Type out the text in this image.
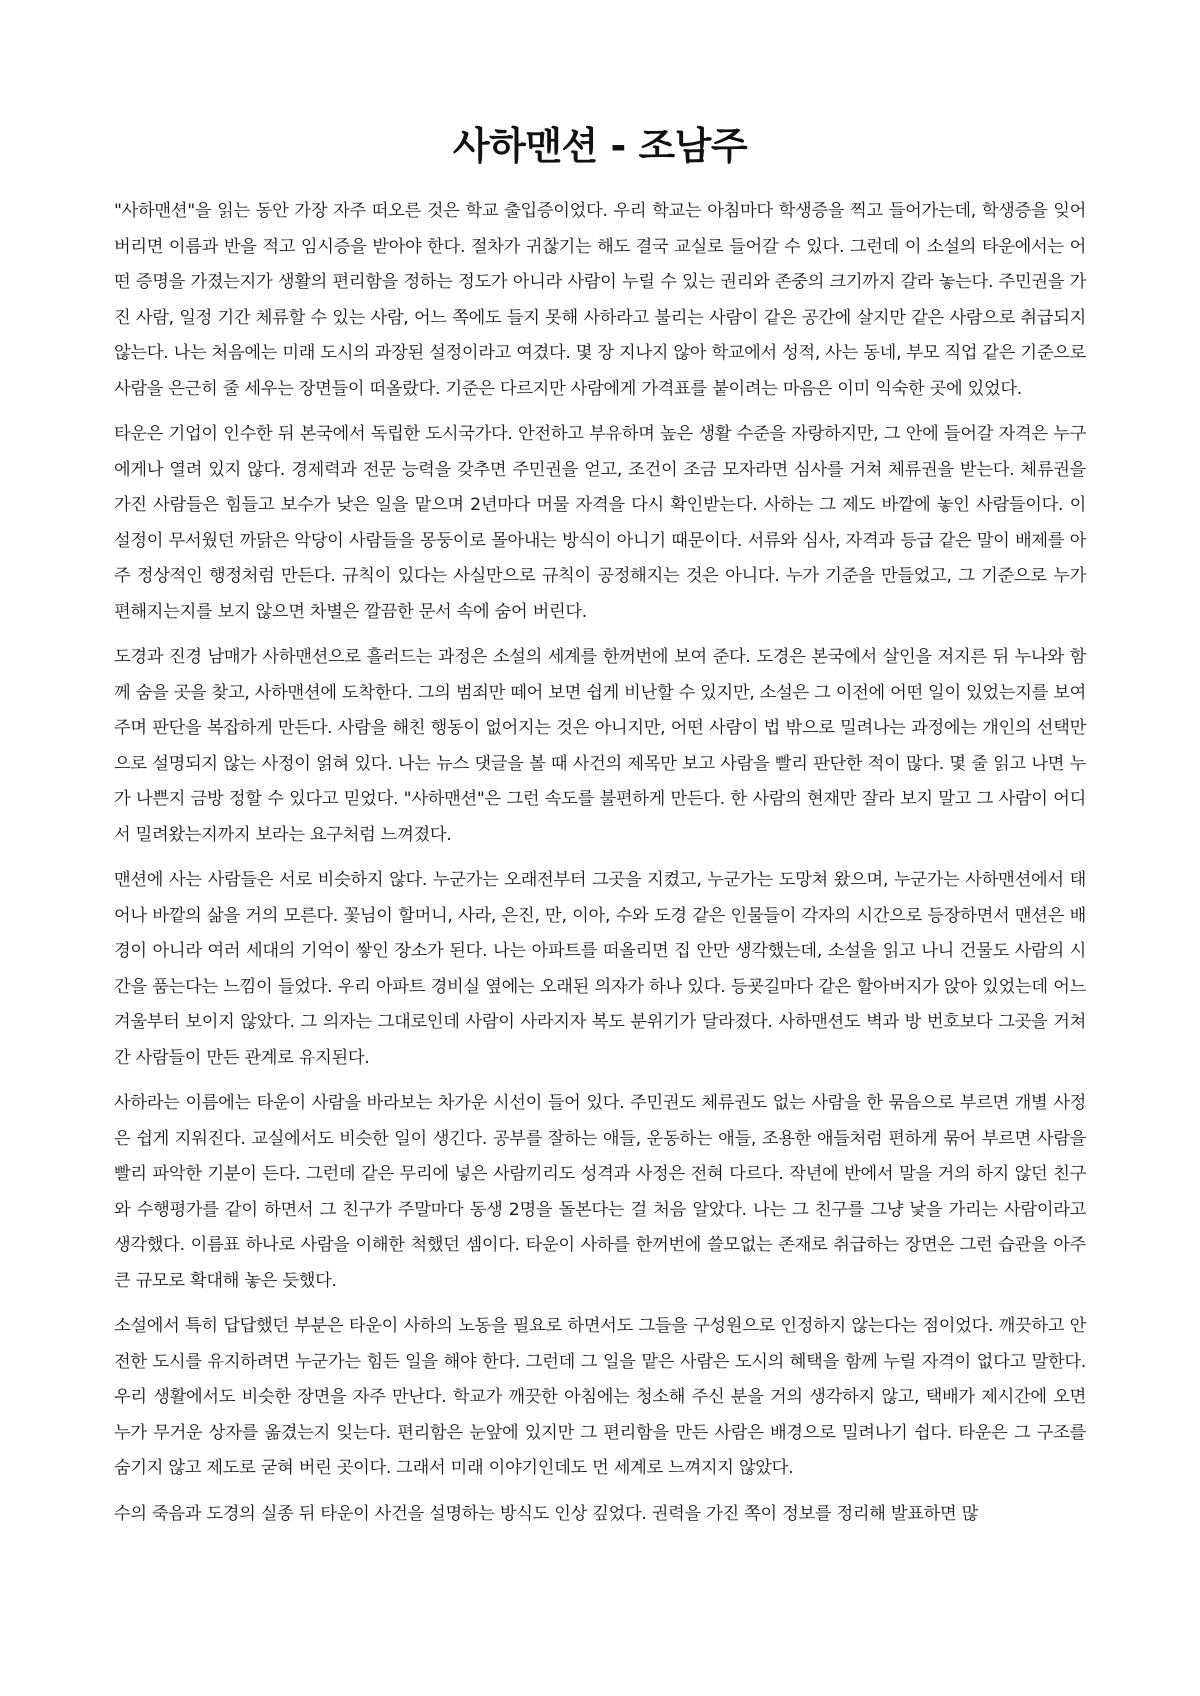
사하맨션 - 조남주

"사하맨션"을 읽는 동안 가장 자주 떠오른 것은 학교 출입증이었다. 우리 학교는 아침마다 학생증을 찍고 들어가는데, 학생증을 잊어버리면 이름과 반을 적고 임시증을 받아야 한다. 절차가 귀찮기는 해도 결국 교실로 들어갈 수 있다. 그런데 이 소설의 타운에서는 어떤 증명을 가졌는지가 생활의 편리함을 정하는 정도가 아니라 사람이 누릴 수 있는 권리와 존중의 크기까지 갈라 놓는다. 주민권을 가진 사람, 일정 기간 체류할 수 있는 사람, 어느 쪽에도 들지 못해 사하라고 불리는 사람이 같은 공간에 살지만 같은 사람으로 취급되지 않는다. 나는 처음에는 미래 도시의 과장된 설정이라고 여겼다. 몇 장 지나지 않아 학교에서 성적, 사는 동네, 부모 직업 같은 기준으로 사람을 은근히 줄 세우는 장면들이 떠올랐다. 기준은 다르지만 사람에게 가격표를 붙이려는 마음은 이미 익숙한 곳에 있었다.

타운은 기업이 인수한 뒤 본국에서 독립한 도시국가다. 안전하고 부유하며 높은 생활 수준을 자랑하지만, 그 안에 들어갈 자격은 누구에게나 열려 있지 않다. 경제력과 전문 능력을 갖추면 주민권을 얻고, 조건이 조금 모자라면 심사를 거쳐 체류권을 받는다. 체류권을 가진 사람들은 힘들고 보수가 낮은 일을 맡으며 2년마다 머물 자격을 다시 확인받는다. 사하는 그 제도 바깥에 놓인 사람들이다. 이 설정이 무서웠던 까닭은 악당이 사람들을 몽둥이로 몰아내는 방식이 아니기 때문이다. 서류와 심사, 자격과 등급 같은 말이 배제를 아주 정상적인 행정처럼 만든다. 규칙이 있다는 사실만으로 규칙이 공정해지는 것은 아니다. 누가 기준을 만들었고, 그 기준으로 누가 편해지는지를 보지 않으면 차별은 깔끔한 문서 속에 숨어 버린다.

도경과 진경 남매가 사하맨션으로 흘러드는 과정은 소설의 세계를 한꺼번에 보여 준다. 도경은 본국에서 살인을 저지른 뒤 누나와 함께 숨을 곳을 찾고, 사하맨션에 도착한다. 그의 범죄만 떼어 보면 쉽게 비난할 수 있지만, 소설은 그 이전에 어떤 일이 있었는지를 보여 주며 판단을 복잡하게 만든다. 사람을 해친 행동이 없어지는 것은 아니지만, 어떤 사람이 법 밖으로 밀려나는 과정에는 개인의 선택만으로 설명되지 않는 사정이 얽혀 있다. 나는 뉴스 댓글을 볼 때 사건의 제목만 보고 사람을 빨리 판단한 적이 많다. 몇 줄 읽고 나면 누가 나쁜지 금방 정할 수 있다고 믿었다. "사하맨션"은 그런 속도를 불편하게 만든다. 한 사람의 현재만 잘라 보지 말고 그 사람이 어디서 밀려왔는지까지 보라는 요구처럼 느껴졌다.

맨션에 사는 사람들은 서로 비슷하지 않다. 누군가는 오래전부터 그곳을 지켰고, 누군가는 도망쳐 왔으며, 누군가는 사하맨션에서 태어나 바깥의 삶을 거의 모른다. 꽃님이 할머니, 사라, 은진, 만, 이아, 수와 도경 같은 인물들이 각자의 시간으로 등장하면서 맨션은 배경이 아니라 여러 세대의 기억이 쌓인 장소가 된다. 나는 아파트를 떠올리면 집 안만 생각했는데, 소설을 읽고 나니 건물도 사람의 시간을 품는다는 느낌이 들었다. 우리 아파트 경비실 옆에는 오래된 의자가 하나 있다. 등굣길마다 같은 할아버지가 앉아 있었는데 어느 겨울부터 보이지 않았다. 그 의자는 그대로인데 사람이 사라지자 복도 분위기가 달라졌다. 사하맨션도 벽과 방 번호보다 그곳을 거쳐 간 사람들이 만든 관계로 유지된다.

사하라는 이름에는 타운이 사람을 바라보는 차가운 시선이 들어 있다. 주민권도 체류권도 없는 사람을 한 묶음으로 부르면 개별 사정은 쉽게 지워진다. 교실에서도 비슷한 일이 생긴다. 공부를 잘하는 애들, 운동하는 애들, 조용한 애들처럼 편하게 묶어 부르면 사람을 빨리 파악한 기분이 든다. 그런데 같은 무리에 넣은 사람끼리도 성격과 사정은 전혀 다르다. 작년에 반에서 말을 거의 하지 않던 친구와 수행평가를 같이 하면서 그 친구가 주말마다 동생 2명을 돌본다는 걸 처음 알았다. 나는 그 친구를 그냥 낯을 가리는 사람이라고 생각했다. 이름표 하나로 사람을 이해한 척했던 셈이다. 타운이 사하를 한꺼번에 쓸모없는 존재로 취급하는 장면은 그런 습관을 아주 큰 규모로 확대해 놓은 듯했다.

소설에서 특히 답답했던 부분은 타운이 사하의 노동을 필요로 하면서도 그들을 구성원으로 인정하지 않는다는 점이었다. 깨끗하고 안전한 도시를 유지하려면 누군가는 힘든 일을 해야 한다. 그런데 그 일을 맡은 사람은 도시의 혜택을 함께 누릴 자격이 없다고 말한다. 우리 생활에서도 비슷한 장면을 자주 만난다. 학교가 깨끗한 아침에는 청소해 주신 분을 거의 생각하지 않고, 택배가 제시간에 오면 누가 무거운 상자를 옮겼는지 잊는다. 편리함은 눈앞에 있지만 그 편리함을 만든 사람은 배경으로 밀려나기 쉽다. 타운은 그 구조를 숨기지 않고 제도로 굳혀 버린 곳이다. 그래서 미래 이야기인데도 먼 세계로 느껴지지 않았다.

수의 죽음과 도경의 실종 뒤 타운이 사건을 설명하는 방식도 인상 깊었다. 권력을 가진 쪽이 정보를 정리해 발표하면 많
